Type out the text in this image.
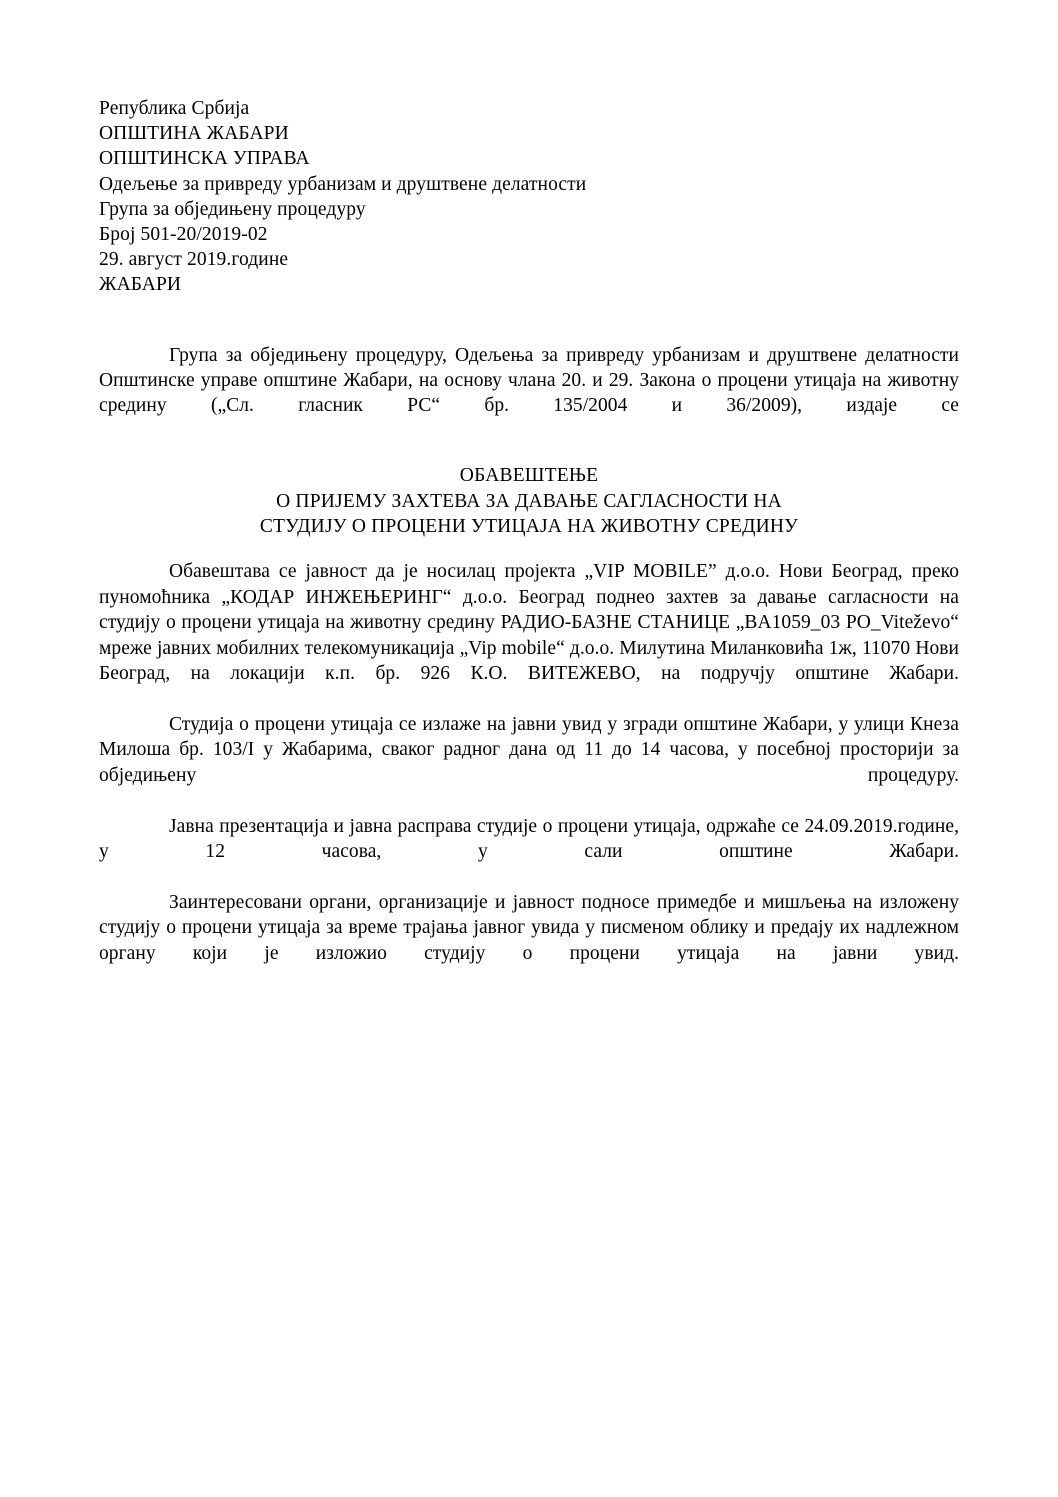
Република Србија
ОПШТИНА ЖАБАРИ
ОПШТИНСКА УПРАВА
Одељење за привреду урбанизам и друштвене делатности
Група за обједињену процедуру
Број 501-20/2019-02
29. август 2019.године
ЖАБАРИ

Група за обједињену процедуру, Одељења за привреду урбанизам и друштвене делатности Општинске управе општине Жабари, на основу члана 20. и 29. Закона о процени утицаја на животну средину („Сл. гласник РС“ бр. 135/2004 и 36/2009), издаје се

ОБАВЕШТЕЊЕ
О ПРИЈЕМУ ЗАХТЕВА ЗА ДАВАЊЕ САГЛАСНОСТИ НА
СТУДИЈУ О ПРОЦЕНИ УТИЦАЈА НА ЖИВОТНУ СРЕДИНУ

Обавештава се јавност да је носилац пројекта „VIP MOBILE” д.о.о. Нови Београд, преко пуномоћника „КОДАР ИНЖЕЊЕРИНГ“ д.о.о. Београд поднео захтев за давање сагласности на студију о процени утицаја на животну средину РАДИО-БАЗНЕ СТАНИЦЕ „BA1059_03 PO_Viteževo“ мреже јавних мобилних телекомуникација „Vip mobile“ д.о.о. Милутина Миланковића 1ж, 11070 Нови Београд, на локацији к.п. бр. 926 К.О. ВИТЕЖЕВО, на подручју општине Жабари.

Студија о процени утицаја се излаже на јавни увид у згради општине Жабари, у улици Кнеза Милоша бр. 103/I у Жабарима, сваког радног дана од 11 до 14 часова, у посебној просторији за обједињену процедуру.

Јавна презентација и јавна расправа студије о процени утицаја, одржаће се 24.09.2019.године, у 12 часова, у сали општине Жабари.

Заинтересовани органи, организације и јавност подносе примедбе и мишљења на изложену студију о процени утицаја за време трајања јавног увида у писменом облику и предају их надлежном органу који је изложио студију о процени утицаја на јавни увид.
